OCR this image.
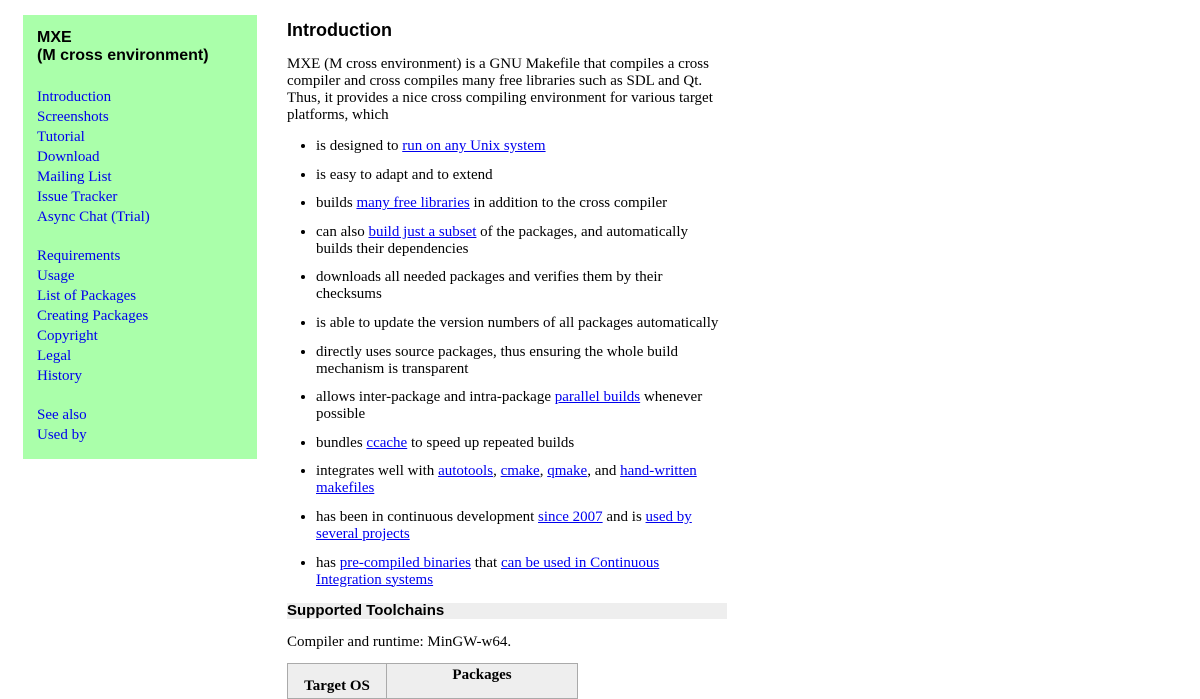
MXE
(M cross environment)
Introduction
Screenshots
Tutorial
Download
Mailing List
Issue Tracker
Async Chat (Trial)
Requirements
Usage
List of Packages
Creating Packages
Copyright
Legal
History
See also
Used by
Introduction

MXE (M cross environment) is a GNU Makefile that compiles a cross compiler and cross compiles many free libraries such as SDL and Qt. Thus, it provides a nice cross compiling environment for various target platforms, which

• is designed to run on any Unix system
• is easy to adapt and to extend
• builds many free libraries in addition to the cross compiler
• can also build just a subset of the packages, and automatically builds their dependencies
• downloads all needed packages and verifies them by their checksums
• is able to update the version numbers of all packages automatically
• directly uses source packages, thus ensuring the whole build mechanism is transparent
• allows inter-package and intra-package parallel builds whenever possible
• bundles ccache to speed up repeated builds
• integrates well with autotools, cmake, qmake, and hand-written makefiles
• has been in continuous development since 2007 and is used by several projects
• has pre-compiled binaries that can be used in Continuous Integration systems
Supported Toolchains

Compiler and runtime: MinGW-w64.

Target OS	Packages
